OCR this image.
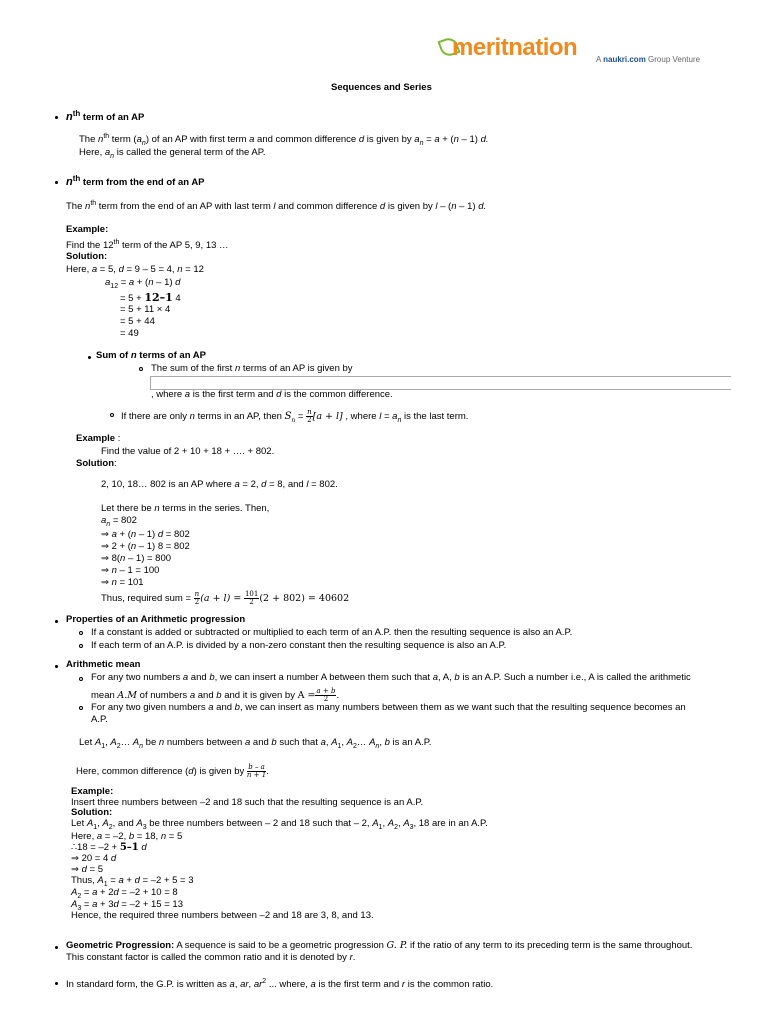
meritnation A naukri.com Group Venture
Sequences and Series
$n^{th}$ term of an AP
The $n^{th}$ term $(a_n)$ of an AP with first term a and common difference d is given by $a_n = a + (n - 1)$ d.
Here, $a_n$ is called the general term of the AP.
$n^{th}$ term from the end of an AP
The $n^{th}$ term from the end of an AP with last term l and common difference d is given by l – (n – 1) d.
Example:
Find the 12th term of the AP 5, 9, 13 …
Solution:
Here, a = 5, d = 9 – 5 = 4, n = 12
$a_{12} = a + (n - 1)$ d
= 5 + 12–1 4
= 5 + 11 × 4
= 5 + 44
= 49
Sum of n terms of an AP
The sum of the first n terms of an AP is given by
, where a is the first term and d is the common difference.
If there are only n terms in an AP, then $S_n = \frac{n}{2} [a + l]$ , where $l = a_n$ is the last term.
Example :
Find the value of 2 + 10 + 18 + …. + 802.
Solution:
2, 10, 18… 802 is an AP where a = 2, d = 8, and l = 802.
Let there be n terms in the series. Then,
$a_n = 802$
⇒ a + (n – 1) d = 802
⇒ 2 + (n – 1) 8 = 802
⇒ 8(n – 1) = 800
⇒ n – 1 = 100
⇒ n = 101
Thus, required sum = $\frac{n}{2} (a + l) = \frac{101}{2} (2 + 802) = 40602$
Properties of an Arithmetic progression
If a constant is added or subtracted or multiplied to each term of an A.P. then the resulting sequence is also an A.P.
If each term of an A.P. is divided by a non-zero constant then the resulting sequence is also an A.P.
Arithmetic mean
For any two numbers a and b, we can insert a number A between them such that a, A, b is an A.P. Such a number i.e., A is called the arithmetic
mean A.M of numbers a and b and it is given by $A = \frac{a + b}{2}$ .
For any two given numbers a and b, we can insert as many numbers between them as we want such that the resulting sequence becomes an
A.P.
Let $A_1$, $A_2\dots$ $A_n$ be n numbers between a and b such that a, $A_1$, $A_2\dots$ $A_n$, b is an A.P.
Here, common difference (d) is given by $\frac{b - a}{n + 1}$ .
Example:
Insert three numbers between –2 and 18 such that the resulting sequence is an A.P.
Solution:
Let $A_1$, $A_2$, and $A_3$ be three numbers between – 2 and 18 such that – 2, $A_1$, $A_2$, $A_3$, 18 are in an A.P.
Here, a = –2, b = 18, n = 5
∴18 = –2 + 5–1 d
⇒ 20 = 4 d
⇒ d = 5
Thus, $A_1 = a + d = -2 + 5 = 3$
$A_2 = a + 2d = -2 + 10 = 8$
$A_3 = a + 3d = -2 + 15 = 13$
Hence, the required three numbers between –2 and 18 are 3, 8, and 13.
Geometric Progression: A sequence is said to be a geometric progression G. P. if the ratio of any term to its preceding term is the same throughout.
This constant factor is called the common ratio and it is denoted by r.
In standard form, the G.P. is written as a, ar, $ar^2$ ... where, a is the first term and r is the common ratio.
